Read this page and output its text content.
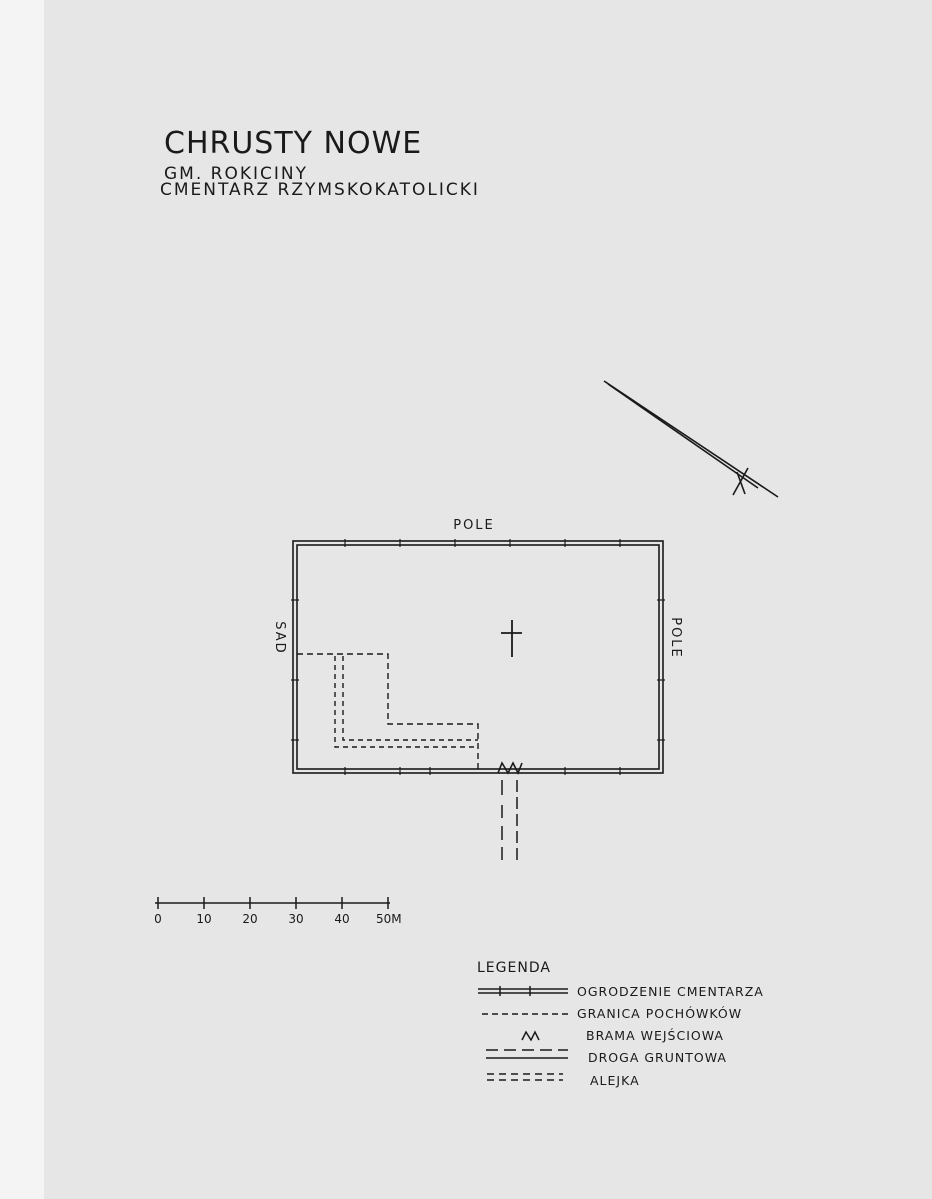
CHRUSTY NOWE
GM. ROKICINY
CMENTARZ RZYMSKOKATOLICKI
POLE
POLE
SAD
0	10	20	30	40 50M
LEGENDA
OGRODZENIE CMENTARZA
GRANICA POCHÓWKÓW
BRAMA WEJŚCIOWA
DROGA GRUNTOWA
ALEJKA
